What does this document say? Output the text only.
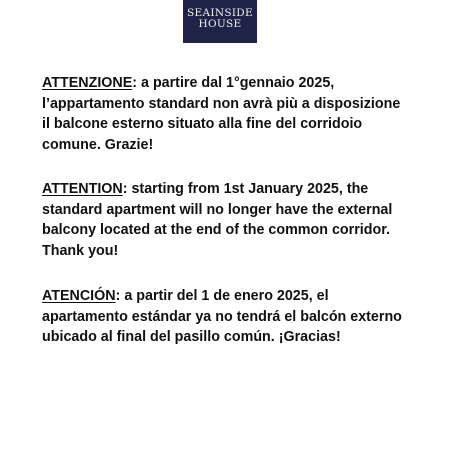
SEAINSIDE
HOUSE

ATTENZIONE: a partire dal 1°gennaio 2025, l’appartamento standard non avrà più a disposizione il balcone esterno situato alla fine del corridoio comune. Grazie!

ATTENTION: starting from 1st January 2025, the standard apartment will no longer have the external balcony located at the end of the common corridor. Thank you!

ATENCIÓN: a partir del 1 de enero 2025, el apartamento estándar ya no tendrá el balcón externo ubicado al final del pasillo común. ¡Gracias!
